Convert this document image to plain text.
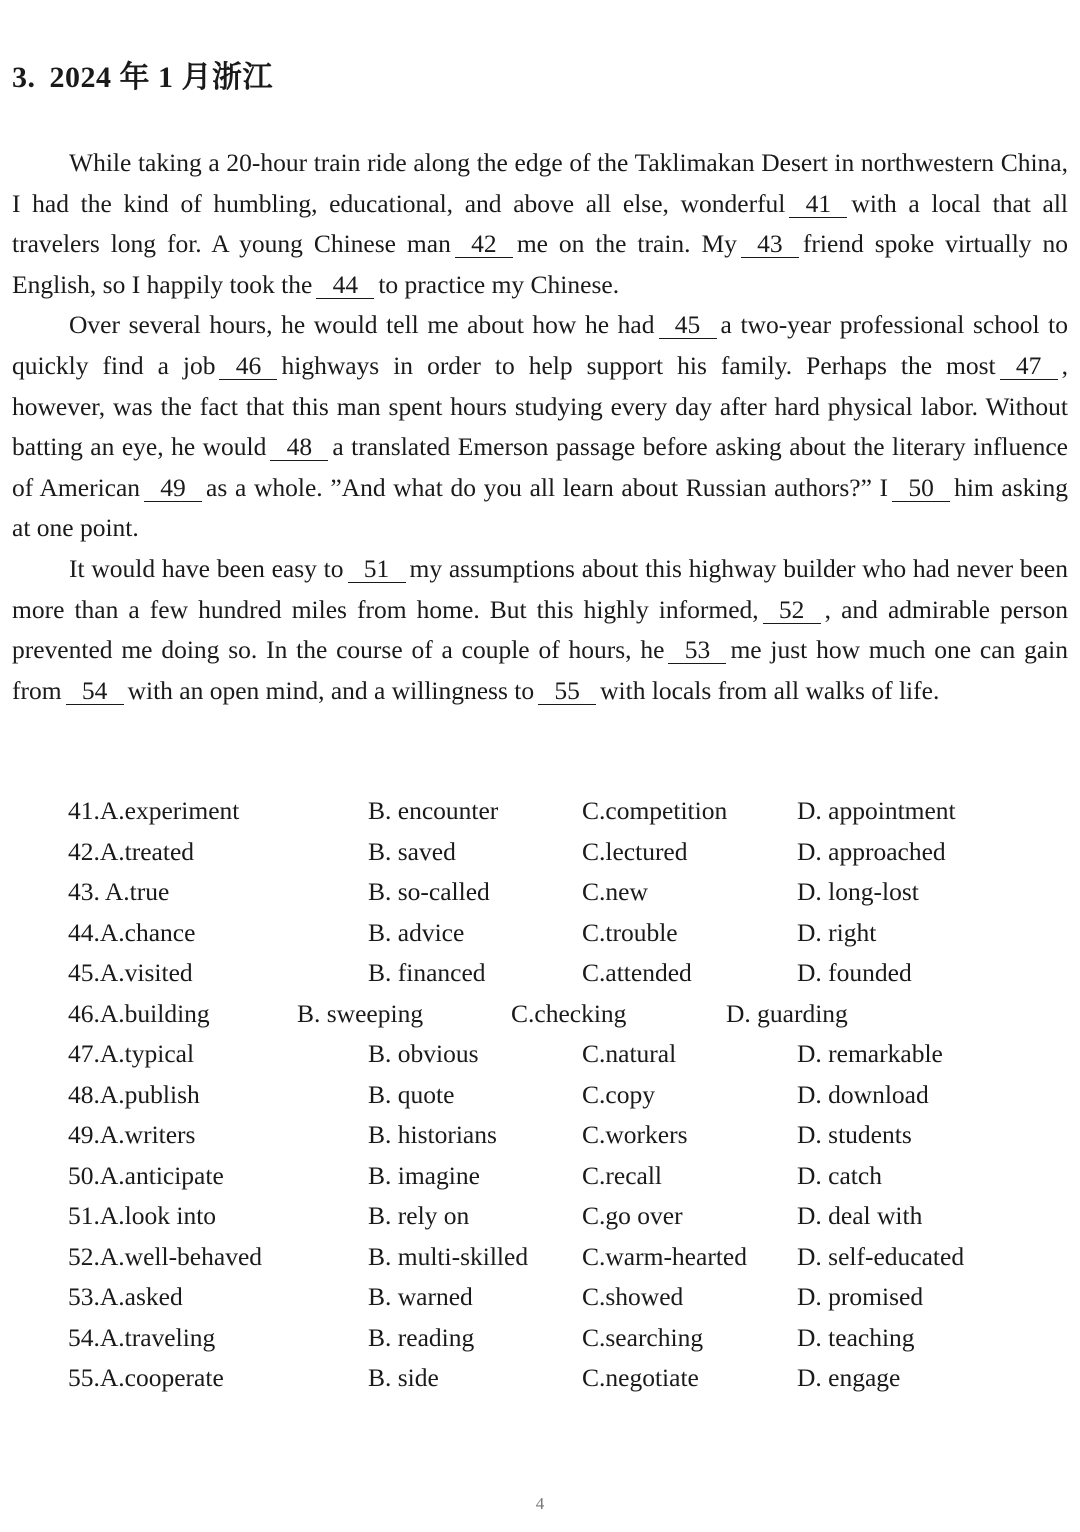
3. 2024 年 1 月浙江

While taking a 20-hour train ride along the edge of the Taklimakan Desert in northwestern China, I had the kind of humbling, educational, and above all else, wonderful 41 with a local that all travelers long for. A young Chinese man 42 me on the train. My 43 friend spoke virtually no English, so I happily took the 44 to practice my Chinese.

Over several hours, he would tell me about how he had 45 a two-year professional school to quickly find a job 46 highways in order to help support his family. Perhaps the most 47 , however, was the fact that this man spent hours studying every day after hard physical labor. Without batting an eye, he would 48 a translated Emerson passage before asking about the literary influence of American 49 as a whole. ”And what do you all learn about Russian authors?” I 50 him asking at one point.

It would have been easy to 51 my assumptions about this highway builder who had never been more than a few hundred miles from home. But this highly informed, 52 , and admirable person prevented me doing so. In the course of a couple of hours, he 53 me just how much one can gain from 54 with an open mind, and a willingness to 55 with locals from all walks of life.

41.A.experiment	B. encounter	C.competition	D. appointment
42.A.treated	B. saved	C.lectured	D. approached
43. A.true	B. so-called	C.new	D. long-lost
44.A.chance	B. advice	C.trouble	D. right
45.A.visited	B. financed	C.attended	D. founded
46.A.building	B. sweeping	C.checking	D. guarding
47.A.typical	B. obvious	C.natural	D. remarkable
48.A.publish	B. quote	C.copy	D. download
49.A.writers	B. historians	C.workers	D. students
50.A.anticipate	B. imagine	C.recall	D. catch
51.A.look into	B. rely on	C.go over	D. deal with
52.A.well-behaved	B. multi-skilled C.warm-hearted D. self-educated
53.A.asked	B. warned	C.showed	D. promised
54.A.traveling	B. reading	C.searching	D. teaching
55.A.cooperate	B. side	C.negotiate	D. engage
4
